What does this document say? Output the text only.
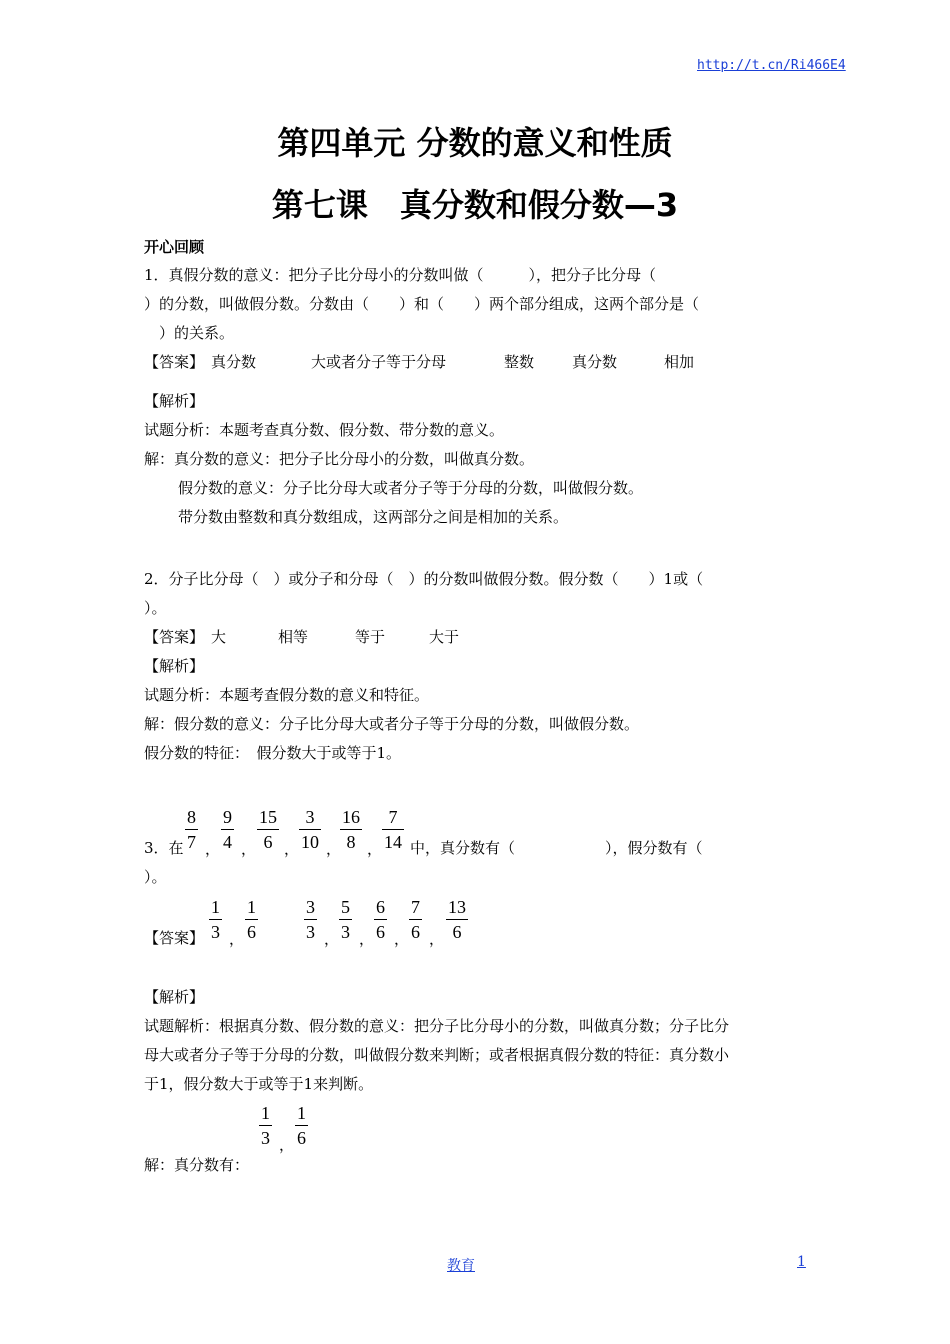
http://t.cn/Ri466E4
第四单元 分数的意义和性质
第七课　真分数和假分数—3
开心回顾
1．真假分数的意义：把分子比分母小的分数叫做（　　　），把分子比分母（
）的分数，叫做假分数。分数由（　　）和（　　）两个部分组成，这两个部分是（
　）的关系。
【答案】 真分数	大或者分子等于分母	整数	真分数	相加
【解析】
试题分析：本题考查真分数、假分数、带分数的意义。
解：真分数的意义：把分子比分母小的分数，叫做真分数。
假分数的意义：分子比分母大或者分子等于分母的分数，叫做假分数。
带分数由整数和真分数组成，这两部分之间是相加的关系。
2．分子比分母（　）或分子和分母（　）的分数叫做假分数。假分数（　　）1或（
）。
【答案】 大	相等	等于	大于
【解析】
试题分析：本题考查假分数的意义和特征。
解：假分数的意义：分子比分母大或者分子等于分母的分数，叫做假分数。
假分数的特征：　假分数大于或等于1。
3．在 $\frac{8}{7}$ ， $\frac{9}{4}$ ， $\frac{15}{6}$ ， $\frac{3}{10}$ ，
$\frac{16}{8}$ ， $\frac{7}{14}$ 中，真分数有（　　　　　　），假分数有（
）。
【答案】 $\frac{1}{3}$ ， $\frac{1}{6}$	$\frac{3}{3}$ ， $\frac{5}{3}$ ， $\frac{6}{6}$ ， $\frac{7}{6}$ ， $\frac{13}{6}$
【解析】
试题解析：根据真分数、假分数的意义：把分子比分母小的分数，叫做真分数；分子比分
母大或者分子等于分母的分数，叫做假分数来判断；或者根据真假分数的特征：真分数小
于1，假分数大于或等于1来判断。
$\frac{1}{3}$ ， $\frac{1}{6}$
解：真分数有：
教育	1
